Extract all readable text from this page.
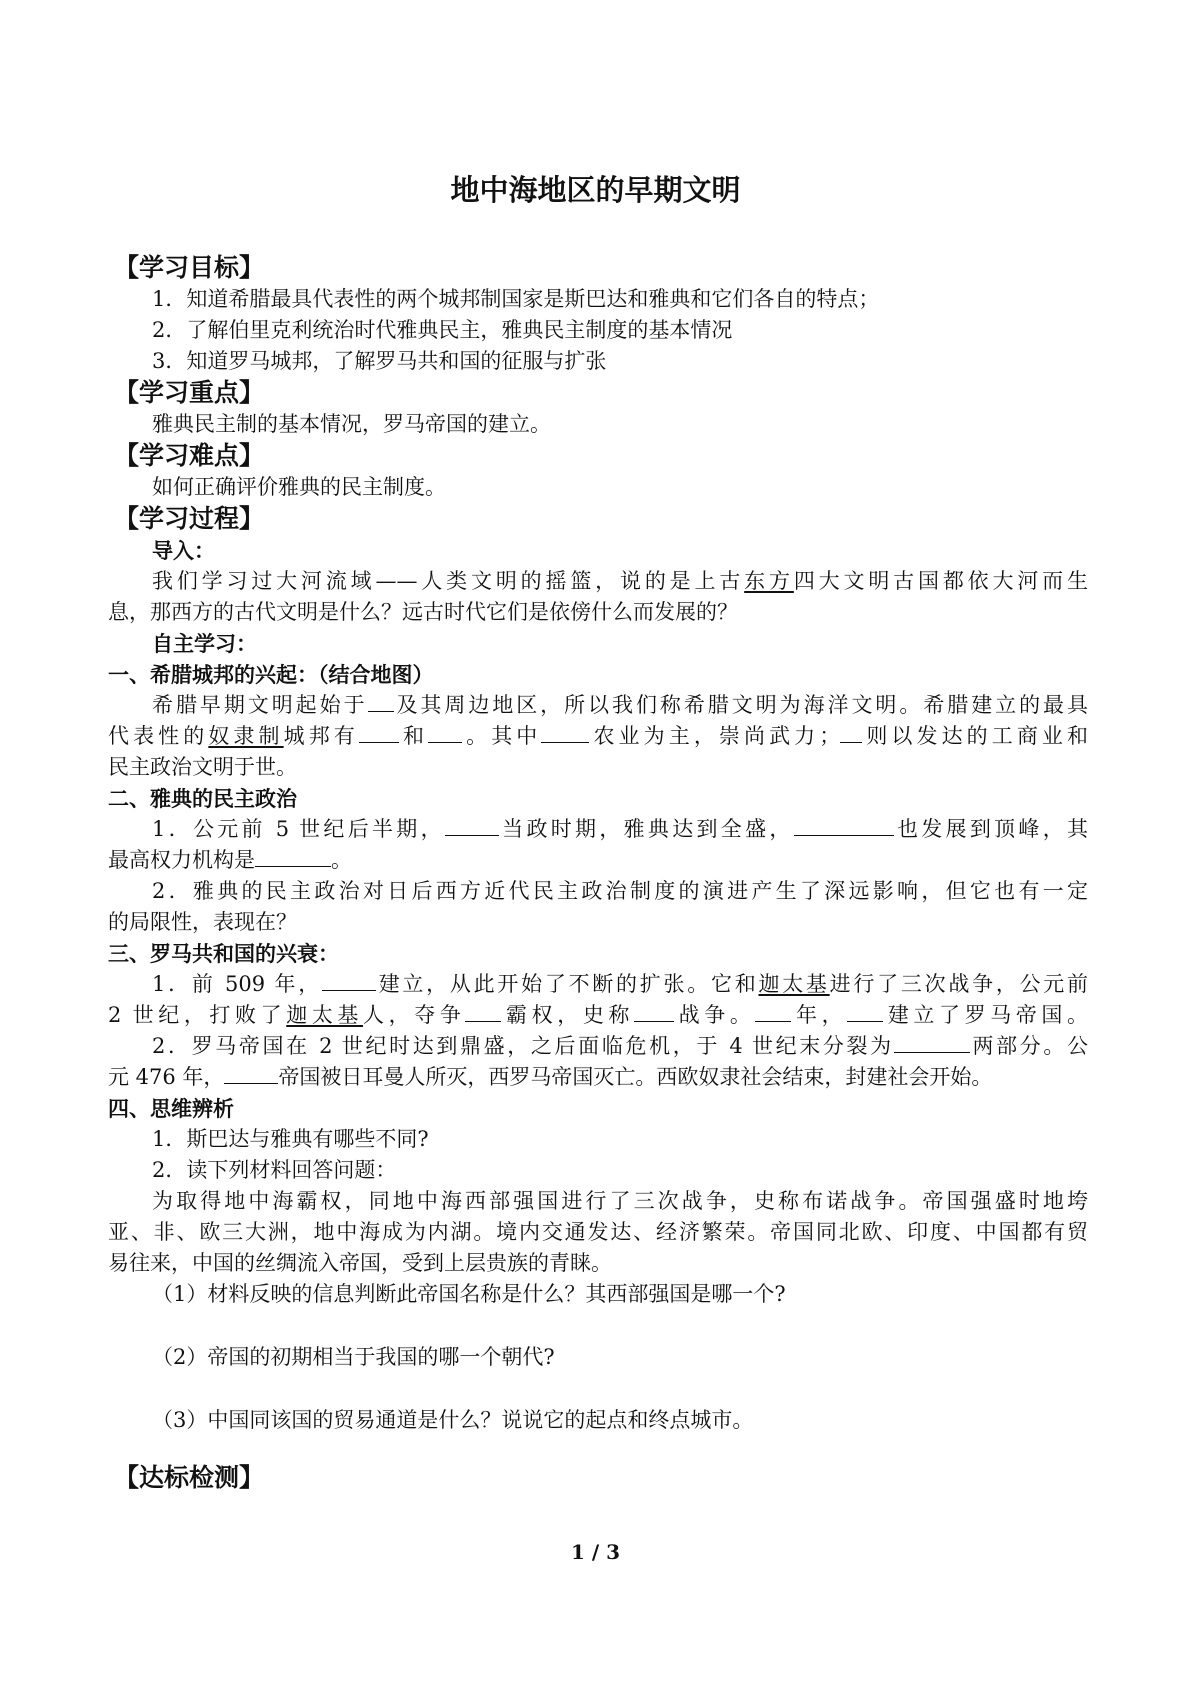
地中海地区的早期文明
【学习目标】
1．知道希腊最具代表性的两个城邦制国家是斯巴达和雅典和它们各自的特点；
2．了解伯里克利统治时代雅典民主，雅典民主制度的基本情况
3．知道罗马城邦，了解罗马共和国的征服与扩张
【学习重点】
雅典民主制的基本情况，罗马帝国的建立。
【学习难点】
如何正确评价雅典的民主制度。
【学习过程】
导入：
我们学习过大河流域——人类文明的摇篮，说的是上古东方四大文明古国都依大河而生
息，那西方的古代文明是什么？远古时代它们是依傍什么而发展的？
自主学习：
一、希腊城邦的兴起：（结合地图）
希腊早期文明起始于 及其周边地区，所以我们称希腊文明为海洋文明。希腊建立的最具
代表性的奴隶制城邦有 和 。其中 农业为主，崇尚武力； 则以发达的工商业和
民主政治文明于世。
二、雅典的民主政治
1．公元前 5 世纪后半期，	当政时期，雅典达到全盛，	也发展到顶峰，其
最高权力机构是	。
2．雅典的民主政治对日后西方近代民主政治制度的演进产生了深远影响，但它也有一定
的局限性，表现在？
三、罗马共和国的兴衰：
1．前 509 年，	建立，从此开始了不断的扩张。它和迦太基进行了三次战争，公元前
2 世纪，打败了迦太基人，夺争 霸权，史称 战争。 年， 建立了罗马帝国。
2．罗马帝国在 2 世纪时达到鼎盛，之后面临危机，于 4 世纪末分裂为	两部分。公
元 476 年，	帝国被日耳曼人所灭，西罗马帝国灭亡。西欧奴隶社会结束，封建社会开始。
四、思维辨析
1．斯巴达与雅典有哪些不同?
2．读下列材料回答问题：
为取得地中海霸权，同地中海西部强国进行了三次战争，史称布诺战争。帝国强盛时地垮
亚、非、欧三大洲，地中海成为内湖。境内交通发达、经济繁荣。帝国同北欧、印度、中国都有贸
易往来，中国的丝绸流入帝国，受到上层贵族的青睐。
（1）材料反映的信息判断此帝国名称是什么？其西部强国是哪一个?
（2）帝国的初期相当于我国的哪一个朝代?
（3）中国同该国的贸易通道是什么？说说它的起点和终点城市。
【达标检测】
1 / 3
